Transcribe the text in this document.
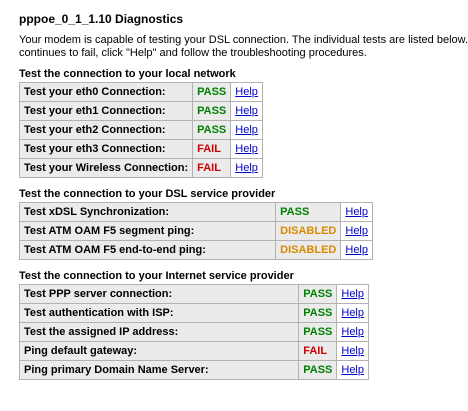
pppoe_0_1_1.10 Diagnostics

Your modem is capable of testing your DSL connection. The individual tests are listed below.
continues to fail, click "Help" and follow the troubleshooting procedures.

Test the connection to your local network
Test your eth0 Connection:	PASS	Help
Test your eth1 Connection:	PASS	Help
Test your eth2 Connection:	PASS	Help
Test your eth3 Connection:	FAIL	Help
Test your Wireless Connection:	FAIL	Help
Test the connection to your DSL service provider
Test xDSL Synchronization:	PASS	Help
Test ATM OAM F5 segment ping:	DISABLED	Help
Test ATM OAM F5 end-to-end ping:	DISABLED	Help
Test the connection to your Internet service provider
Test PPP server connection:	PASS	Help
Test authentication with ISP:	PASS	Help
Test the assigned IP address:	PASS	Help
Ping default gateway:	FAIL	Help
Ping primary Domain Name Server:	PASS	Help
